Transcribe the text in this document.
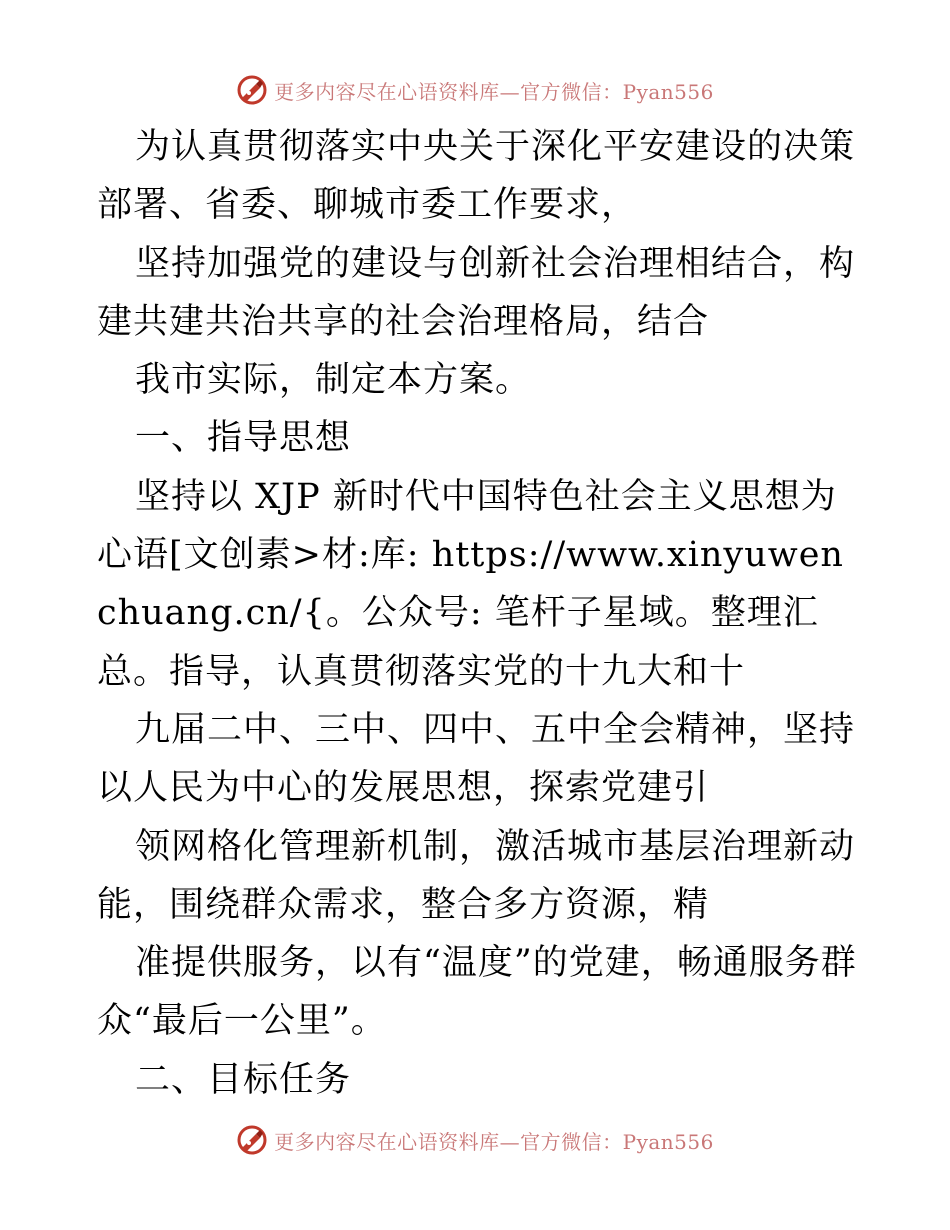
更多内容尽在心语资料库—官方微信：Pyan556

为认真贯彻落实中央关于深化平安建设的决策部署、省委、聊城市委工作要求，

坚持加强党的建设与创新社会治理相结合，构建共建共治共享的社会治理格局，结合

我市实际，制定本方案。

一、指导思想

坚持以 XJP 新时代中国特色社会主义思想为心语[文创素>材:库: https://www.xinyuwenchuang.cn/{。公众号: 笔杆子星域。整理汇总。指导，认真贯彻落实党的十九大和十

九届二中、三中、四中、五中全会精神，坚持以人民为中心的发展思想，探索党建引

领网格化管理新机制，激活城市基层治理新动能，围绕群众需求，整合多方资源，精

准提供服务，以有“温度”的党建，畅通服务群众“最后一公里”。

二、目标任务

更多内容尽在心语资料库—官方微信：Pyan556
